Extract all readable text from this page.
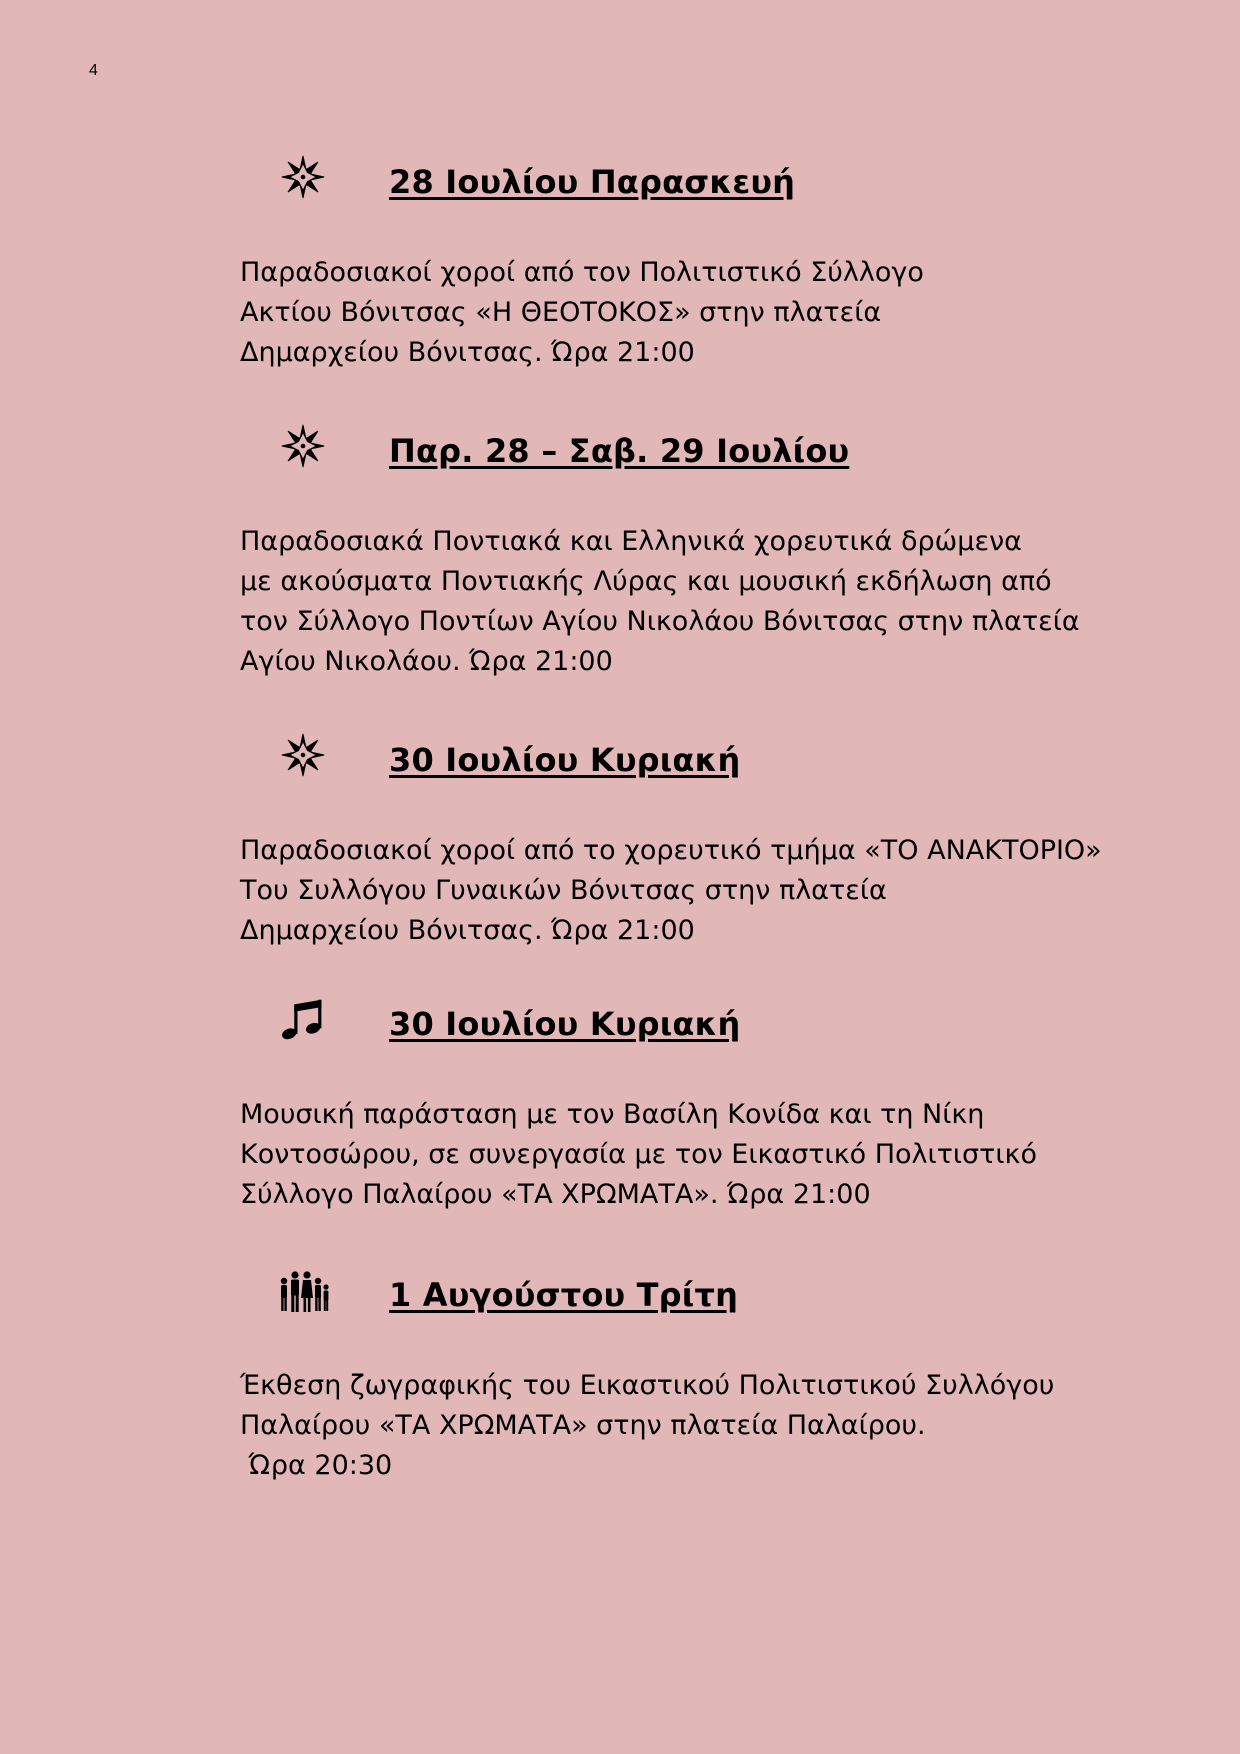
4
28 Ιουλίου Παρασκευή
Παραδοσιακοί χοροί από τον Πολιτιστικό Σύλλογο
Ακτίου Βόνιτσας «Η ΘΕΟΤΟΚΟΣ» στην πλατεία
Δημαρχείου Βόνιτσας. Ώρα 21:00
Παρ. 28 – Σαβ. 29 Ιουλίου
Παραδοσιακά Ποντιακά και Ελληνικά χορευτικά δρώμενα
με ακούσματα Ποντιακής Λύρας και μουσική εκδήλωση από
τον Σύλλογο Ποντίων Αγίου Νικολάου Βόνιτσας στην πλατεία
Αγίου Νικολάου. Ώρα 21:00
30 Ιουλίου Κυριακή
Παραδοσιακοί χοροί από το χορευτικό τμήμα «ΤΟ ΑΝΑΚΤΟΡΙΟ»
Του Συλλόγου Γυναικών Βόνιτσας στην πλατεία
Δημαρχείου Βόνιτσας. Ώρα 21:00
30 Ιουλίου Κυριακή
Μουσική παράσταση με τον Βασίλη Κονίδα και τη Νίκη
Κοντοσώρου, σε συνεργασία με τον Εικαστικό Πολιτιστικό
Σύλλογο Παλαίρου «ΤΑ ΧΡΩΜΑΤΑ». Ώρα 21:00
1 Αυγούστου Τρίτη
Έκθεση ζωγραφικής του Εικαστικού Πολιτιστικού Συλλόγου
Παλαίρου «ΤΑ ΧΡΩΜΑΤΑ» στην πλατεία Παλαίρου.
Ώρα 20:30
